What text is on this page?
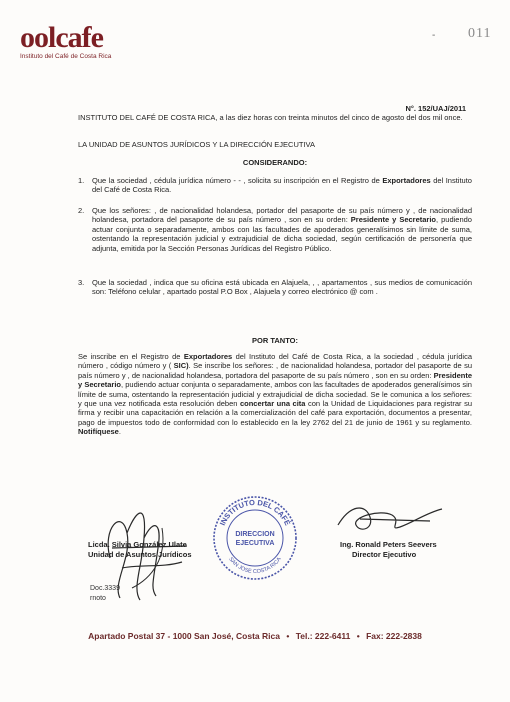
oolcafe
Instituto del Café de Costa Rica
- 011
N°. 152/UAJ/2011
INSTITUTO DEL CAFÉ DE COSTA RICA, a las diez horas con treinta minutos del cinco de agosto del dos mil once.
LA UNIDAD DE ASUNTOS JURÍDICOS Y LA DIRECCIÓN EJECUTIVA
CONSIDERANDO:
1. Que la sociedad , cédula jurídica número - - , solicita su inscripción en el Registro de Exportadores del Instituto del Café de Costa Rica.
2. Que los señores: , de nacionalidad holandesa, portador del pasaporte de su país número y , de nacionalidad holandesa, portadora del pasaporte de su país número , son en su orden: Presidente y Secretario, pudiendo actuar conjunta o separadamente, ambos con las facultades de apoderados generalísimos sin límite de suma, ostentando la representación judicial y extrajudicial de dicha sociedad, según certificación de personería que adjunta, emitida por la Sección Personas Jurídicas del Registro Público.
3. Que la sociedad , indica que su oficina está ubicada en Alajuela, , , apartamentos , sus medios de comunicación son: Teléfono celular , apartado postal P.O Box , Alajuela y correo electrónico @ com .
POR TANTO:
Se inscribe en el Registro de Exportadores del Instituto del Café de Costa Rica, a la sociedad , cédula jurídica número , código número y ( SIC). Se inscribe los señores: , de nacionalidad holandesa, portador del pasaporte de su país número y , de nacionalidad holandesa, portadora del pasaporte de su país número , son en su orden: Presidente y Secretario, pudiendo actuar conjunta o separadamente, ambos con las facultades de apoderados generalísimos sin límite de suma, ostentando la representación judicial y extrajudicial de dicha sociedad. Se le comunica a los señores: y que una vez notificada esta resolución deben concertar una cita con la Unidad de Liquidaciones para registrar su firma y recibir una capacitación en relación a la comercialización del café para exportación, documentos a presentar, pago de impuestos todo de conformidad con lo establecido en la ley 2762 del 21 de junio de 1961 y su reglamento. Notifíquese.
Licda. Silvia González Ulate
Unidad de Asuntos Jurídicos
Doc.3339
rnoto
INSTITUTO DEL CAFÉ
DIRECCION
EJECUTIVA
SAN JOSE COSTA RICA
Ing. Ronald Peters Seevers
Director Ejecutivo
Apartado Postal 37 - 1000 San José, Costa Rica • Tel.: 222-6411 • Fax: 222-2838
